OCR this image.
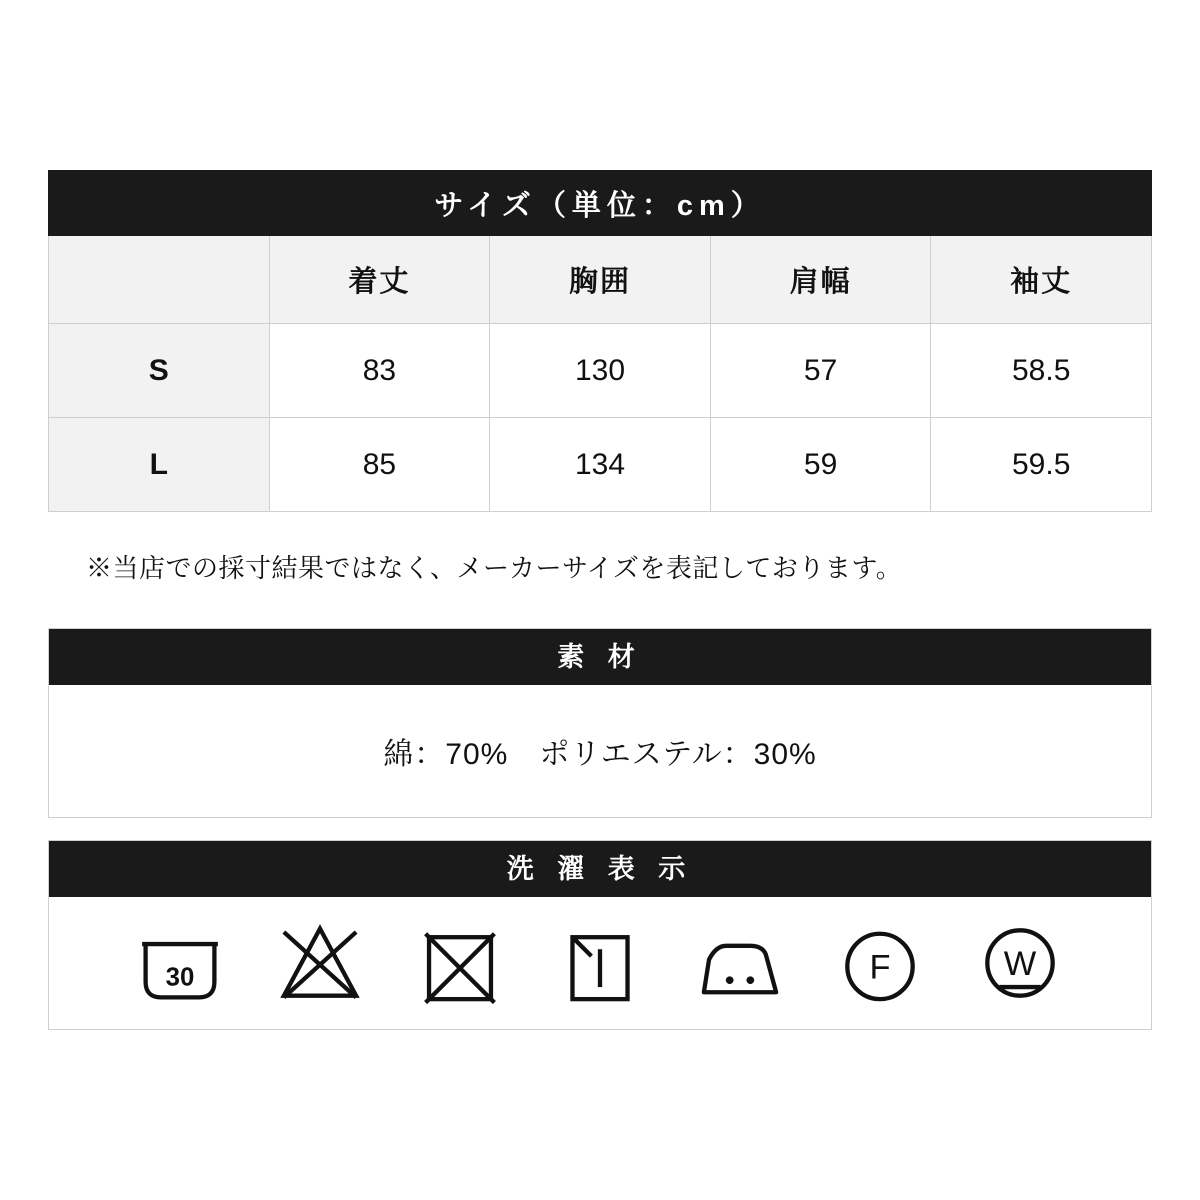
サイズ（単位：cm）				
	着丈	胸囲	肩幅	袖丈
S	83	130	57	58.5
L	85	134	59	59.5
※当店での採寸結果ではなく、メーカーサイズを表記しております。
素 材
綿：70%　ポリエステル：30%
洗 濯 表 示
30	F	W
